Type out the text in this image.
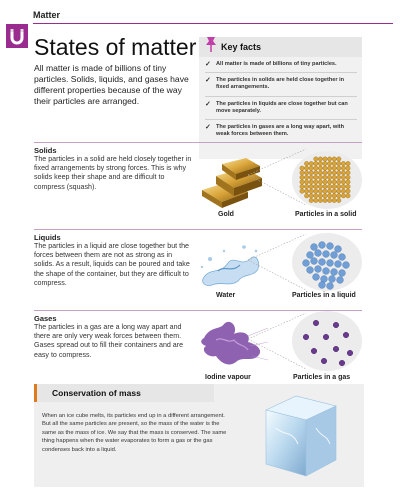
Matter
States of matter
All matter is made of billions of tiny particles. Solids, liquids, and gases have different properties because of the way their particles are arranged.
Key facts
✓ All matter is made of billions of tiny particles.
✓ The particles in solids are held close together in fixed arrangements.
✓ The particles in liquids are close together but can move separately.
✓ The particles in gases are a long way apart, with weak forces between them.
Solids
The particles in a solid are held closely together in fixed arrangements by strong forces. This is why solids keep their shape and are difficult to compress (squash).
Gold	Particles in a solid
Liquids
The particles in a liquid are close together but the forces between them are not as strong as in solids. As a result, liquids can be poured and take the shape of the container, but they are difficult to compress.
Water	Particles in a liquid
Gases
The particles in a gas are a long way apart and there are only very weak forces between them. Gases spread out to fill their containers and are easy to compress.
Iodine vapour	Particles in a gas
Conservation of mass
When an ice cube melts, its particles end up in a different arrangement. But all the same particles are present, so the mass of the water is the same as the mass of ice. We say that the mass is conserved. The same thing happens when the water evaporates to form a gas or the gas condenses back into a liquid.
